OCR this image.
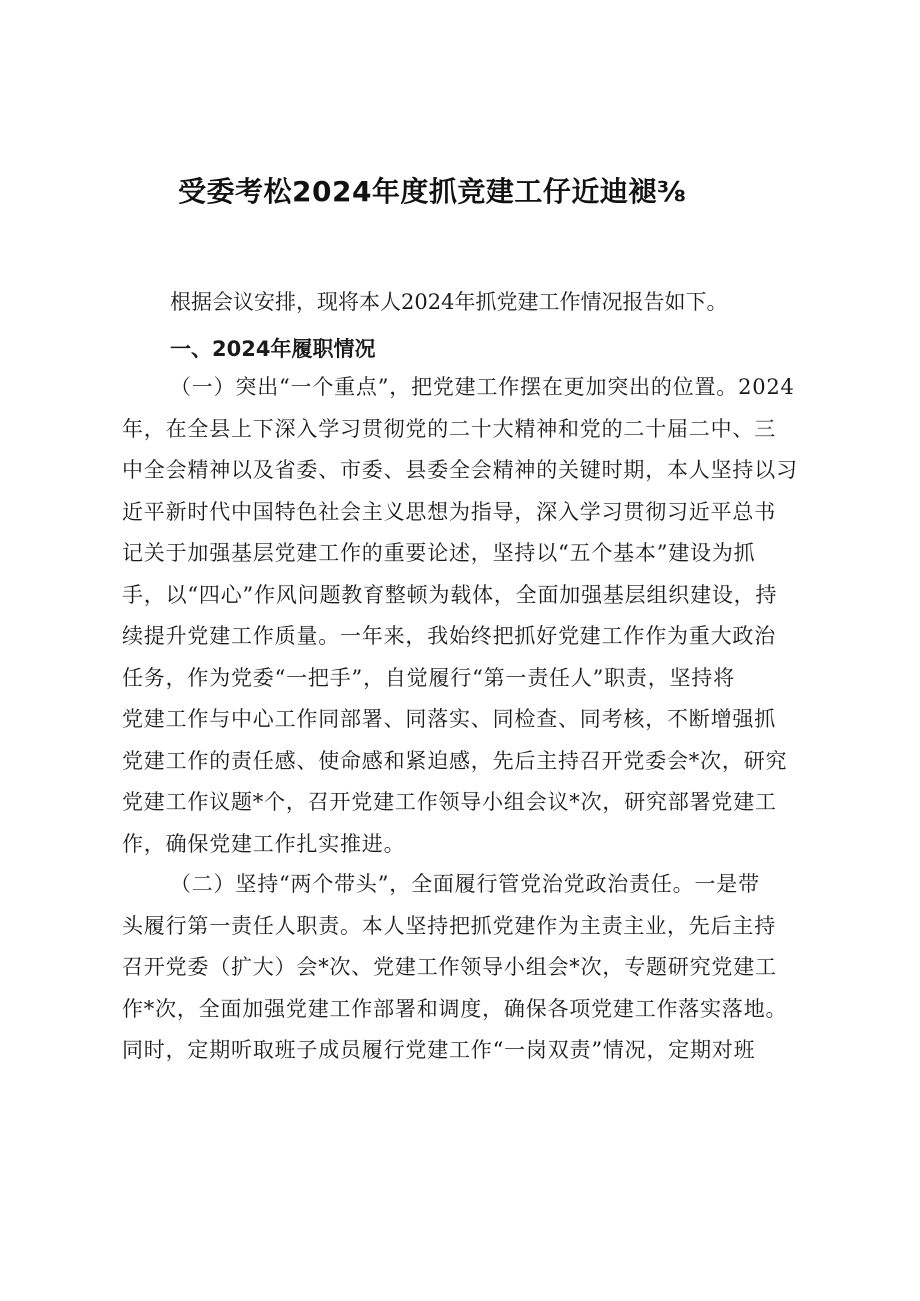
受委考松2024年度抓竞建工仔近迪褪⅜
根据会议安排，现将本人2024年抓党建工作情况报告如下。
一、2024年履职情况
（一）突出“一个重点”，把党建工作摆在更加突出的位置。2024
年，在全县上下深入学习贯彻党的二十大精神和党的二十届二中、三
中全会精神以及省委、市委、县委全会精神的关键时期，本人坚持以习
近平新时代中国特色社会主义思想为指导，深入学习贯彻习近平总书
记关于加强基层党建工作的重要论述，坚持以“五个基本”建设为抓
手，以“四心”作风问题教育整顿为载体，全面加强基层组织建设，持
续提升党建工作质量。一年来，我始终把抓好党建工作作为重大政治
任务，作为党委“一把手”，自觉履行“第一责任人”职责，坚持将
党建工作与中心工作同部署、同落实、同检查、同考核，不断增强抓
党建工作的责任感、使命感和紧迫感，先后主持召开党委会*次，研究
党建工作议题*个，召开党建工作领导小组会议*次，研究部署党建工
作，确保党建工作扎实推进。
（二）坚持“两个带头”，全面履行管党治党政治责任。一是带
头履行第一责任人职责。本人坚持把抓党建作为主责主业，先后主持
召开党委（扩大）会*次、党建工作领导小组会*次，专题研究党建工
作*次，全面加强党建工作部署和调度，确保各项党建工作落实落地。
同时，定期听取班子成员履行党建工作“一岗双责”情况，定期对班
